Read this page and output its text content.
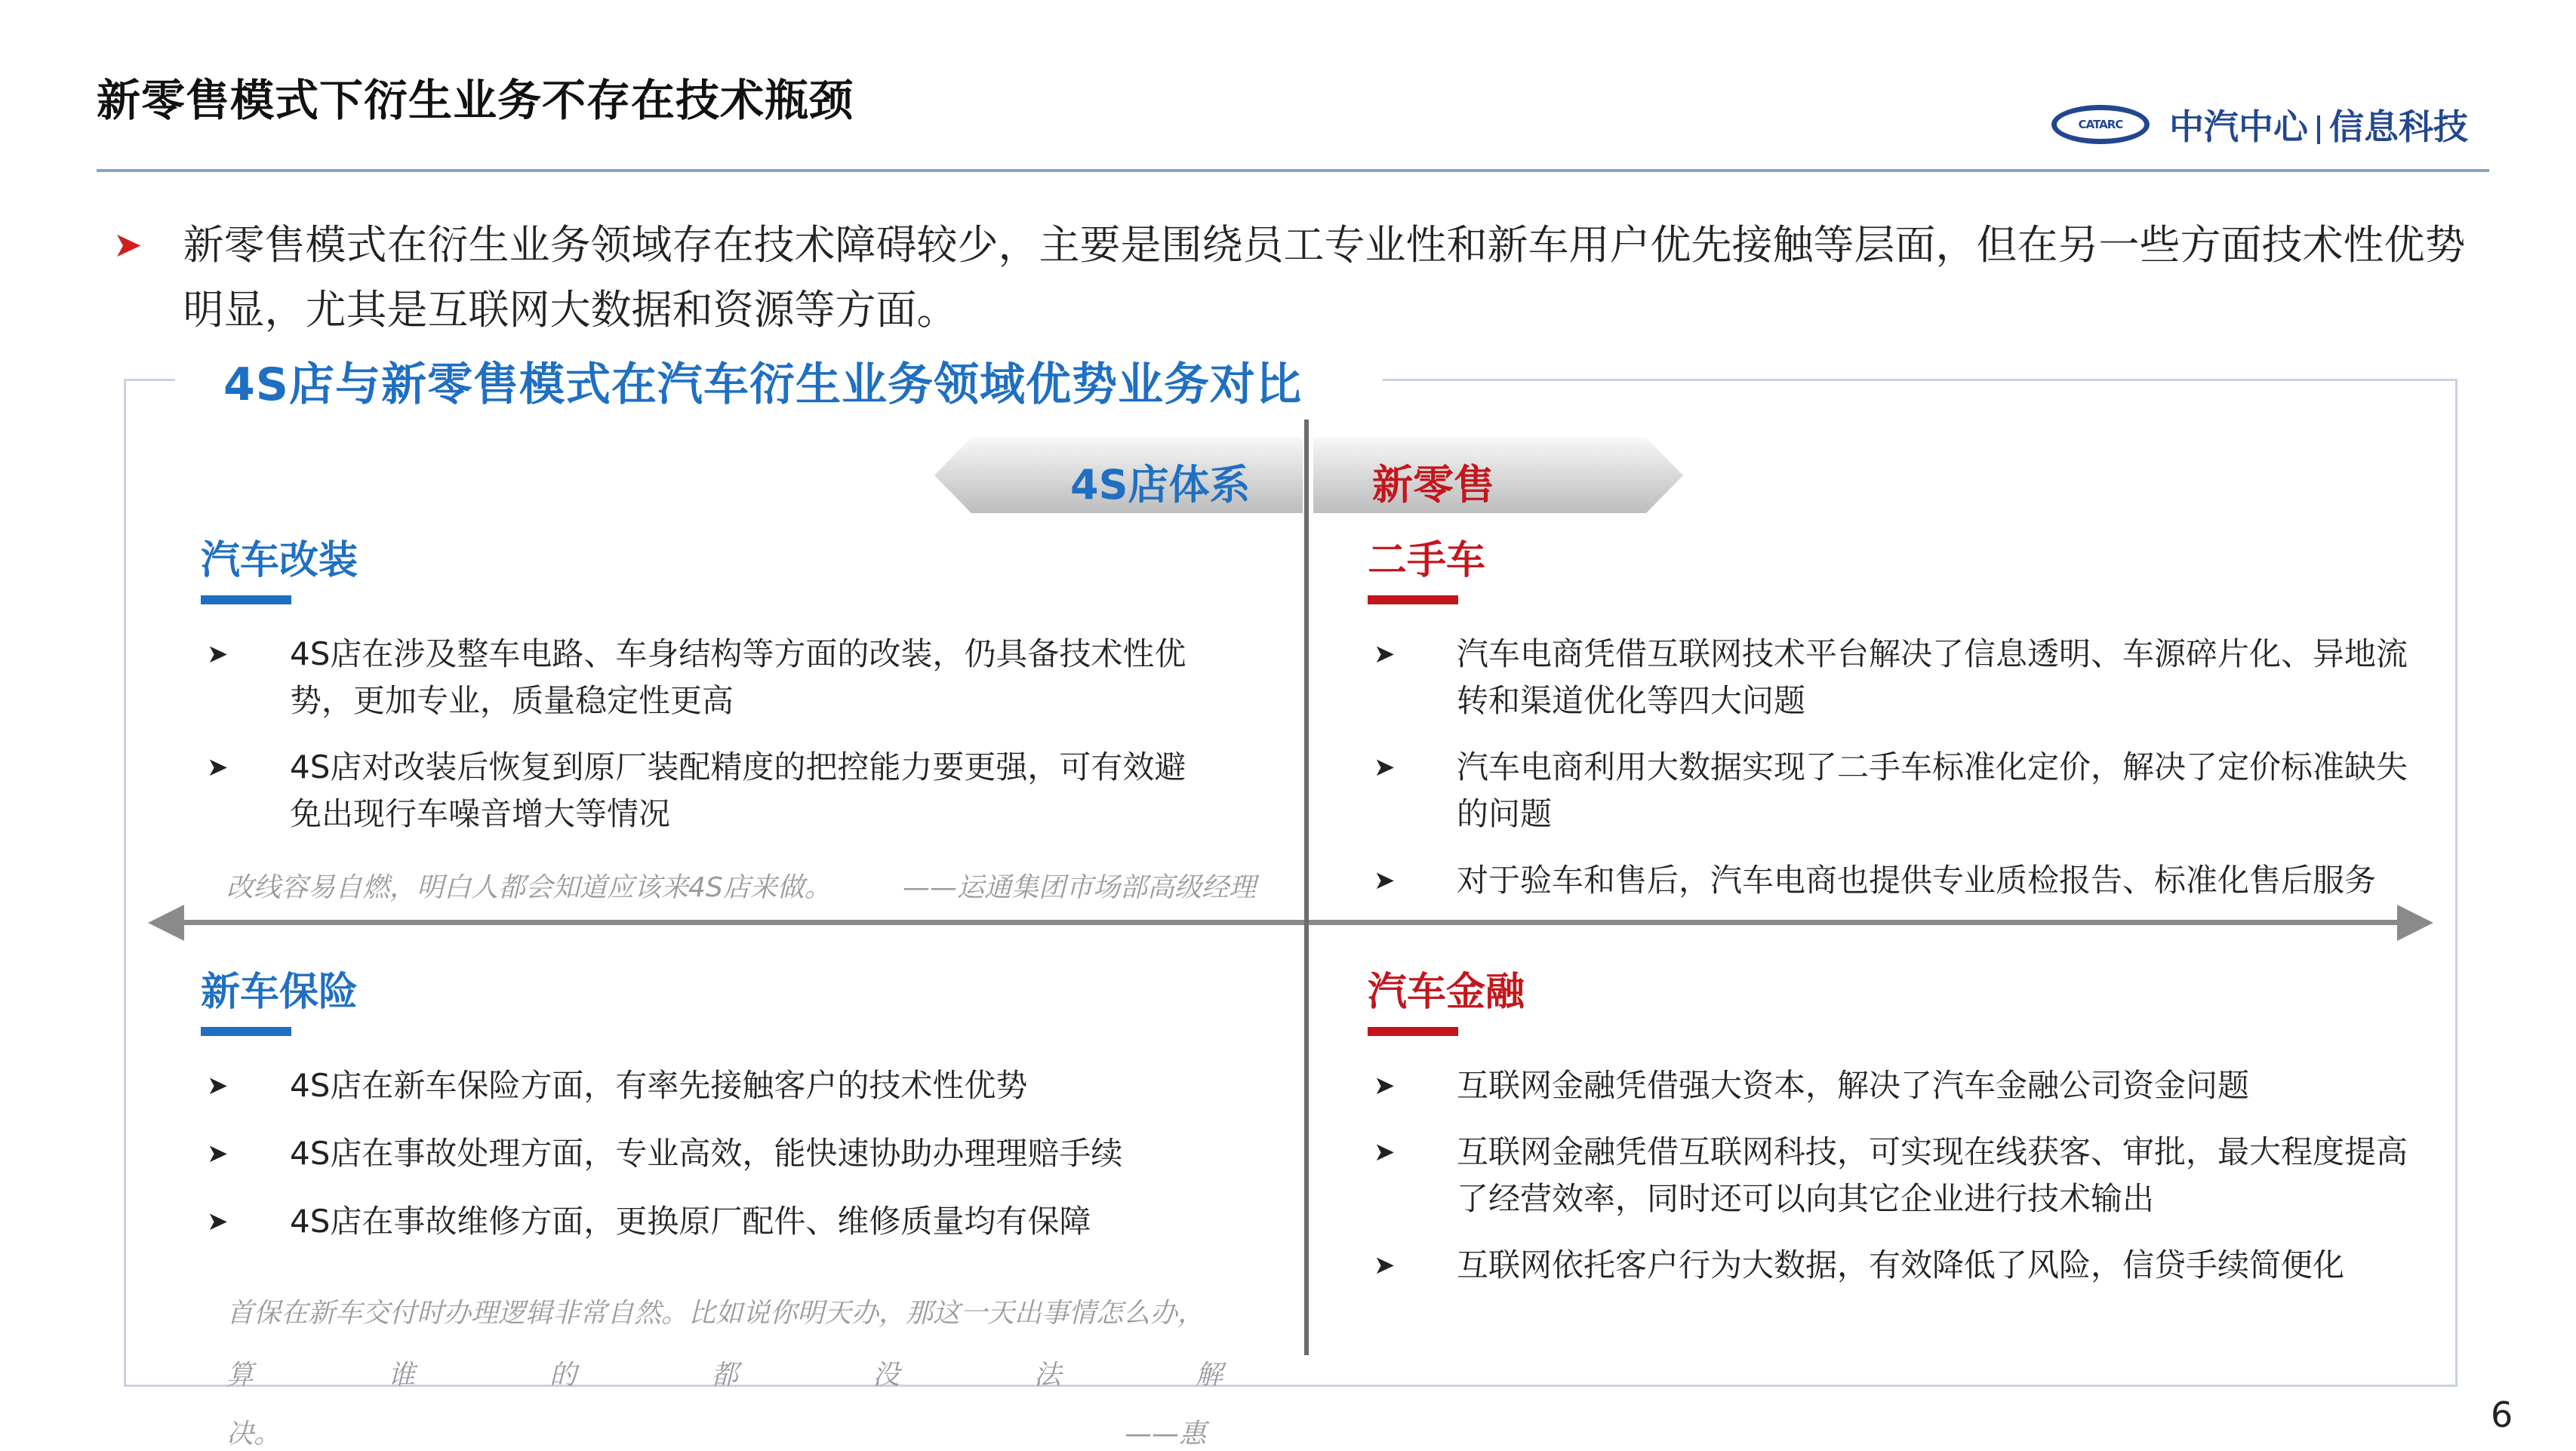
新零售模式下衍生业务不存在技术瓶颈	CATARC 中汽中心 信息科技
➤ 新零售模式在衍生业务领域存在技术障碍较少，主要是围绕员工专业性和新车用户优先接触等层面，但在另一些方面技术性优势明显，尤其是互联网大数据和资源等方面。
4S店与新零售模式在汽车衍生业务领域优势业务对比
4S店体系	新零售
汽车改装
➤	4S店在涉及整车电路、车身结构等方面的改装，仍具备技术性优势，更加专业，质量稳定性更高
➤	4S店对改装后恢复到原厂装配精度的把控能力要更强，可有效避免出现行车噪音增大等情况
改线容易自燃，明白人都会知道应该来4S店来做。	——运通集团市场部高级经理
二手车
➤	汽车电商凭借互联网技术平台解决了信息透明、车源碎片化、异地流转和渠道优化等四大问题
➤	汽车电商利用大数据实现了二手车标准化定价，解决了定价标准缺失的问题
➤	对于验车和售后，汽车电商也提供专业质检报告、标准化售后服务
新车保险
➤	4S店在新车保险方面，有率先接触客户的技术性优势
➤	4S店在事故处理方面，专业高效，能快速协助办理理赔手续
➤	4S店在事故维修方面，更换原厂配件、维修质量均有保障
首保在新车交付时办理逻辑非常自然。比如说你明天办，那这一天出事情怎么办，
算	谁	的	都	没	法	解
决。	——惠
汽车金融
➤	互联网金融凭借强大资本，解决了汽车金融公司资金问题
➤	互联网金融凭借互联网科技，可实现在线获客、审批，最大程度提高了经营效率，同时还可以向其它企业进行技术输出
➤	互联网依托客户行为大数据，有效降低了风险，信贷手续简便化
6
